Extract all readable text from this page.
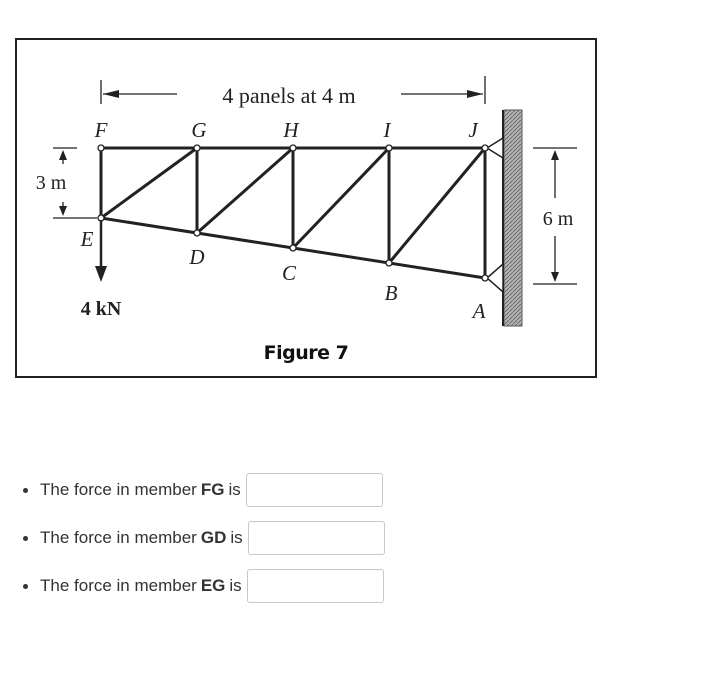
4 panels at 4 m
3 m
6 m
4 kN
F	G	H	I	J
E
D
C
B
A
Figure 7
The force in member FG is
The force in member GD is
The force in member EG is
